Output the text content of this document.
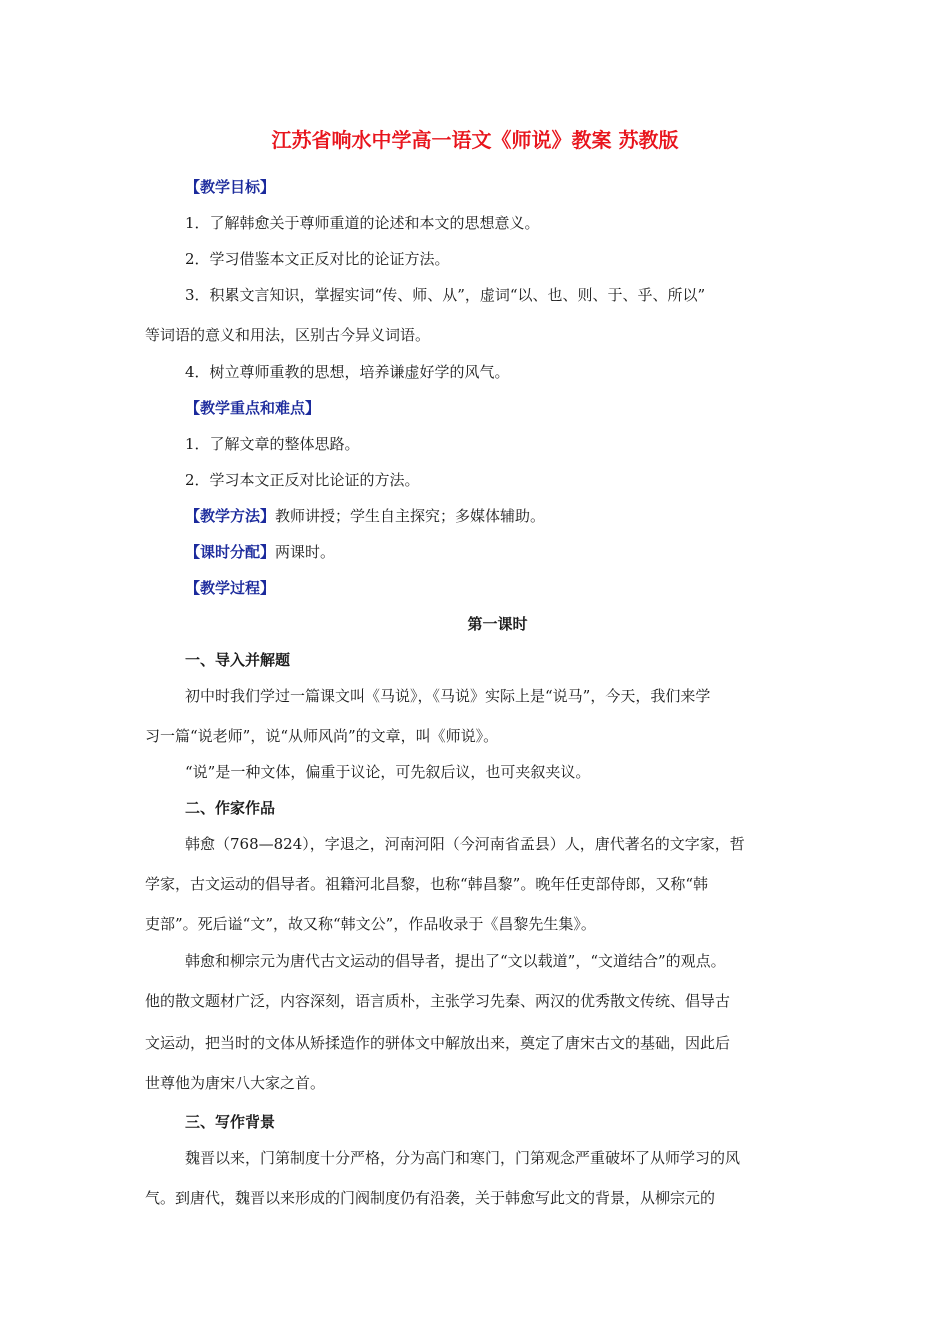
江苏省响水中学高一语文《师说》教案 苏教版
【教学目标】
1．了解韩愈关于尊师重道的论述和本文的思想意义。
2．学习借鉴本文正反对比的论证方法。
3．积累文言知识，掌握实词“传、师、从”，虚词“以、也、则、于、乎、所以”
等词语的意义和用法，区别古今异义词语。
4．树立尊师重教的思想，培养谦虚好学的风气。
【教学重点和难点】
1．了解文章的整体思路。
2．学习本文正反对比论证的方法。
【教学方法】教师讲授；学生自主探究；多媒体辅助。
【课时分配】两课时。
【教学过程】
第一课时
一、导入并解题
初中时我们学过一篇课文叫《马说》，《马说》实际上是“说马”，今天，我们来学
习一篇“说老师”，说“从师风尚”的文章，叫《师说》。
“说”是一种文体，偏重于议论，可先叙后议，也可夹叙夹议。
二、作家作品
韩愈（768—824），字退之，河南河阳（今河南省孟县）人，唐代著名的文字家，哲
学家，古文运动的倡导者。祖籍河北昌黎，也称“韩昌黎”。晚年任吏部侍郎，又称“韩
吏部”。死后谥“文”，故又称“韩文公”，作品收录于《昌黎先生集》。
韩愈和柳宗元为唐代古文运动的倡导者，提出了“文以载道”，“文道结合”的观点。
他的散文题材广泛，内容深刻，语言质朴，主张学习先秦、两汉的优秀散文传统、倡导古
文运动，把当时的文体从矫揉造作的骈体文中解放出来，奠定了唐宋古文的基础，因此后
世尊他为唐宋八大家之首。
三、写作背景
魏晋以来，门第制度十分严格，分为高门和寒门，门第观念严重破坏了从师学习的风
气。到唐代，魏晋以来形成的门阀制度仍有沿袭，关于韩愈写此文的背景，从柳宗元的
